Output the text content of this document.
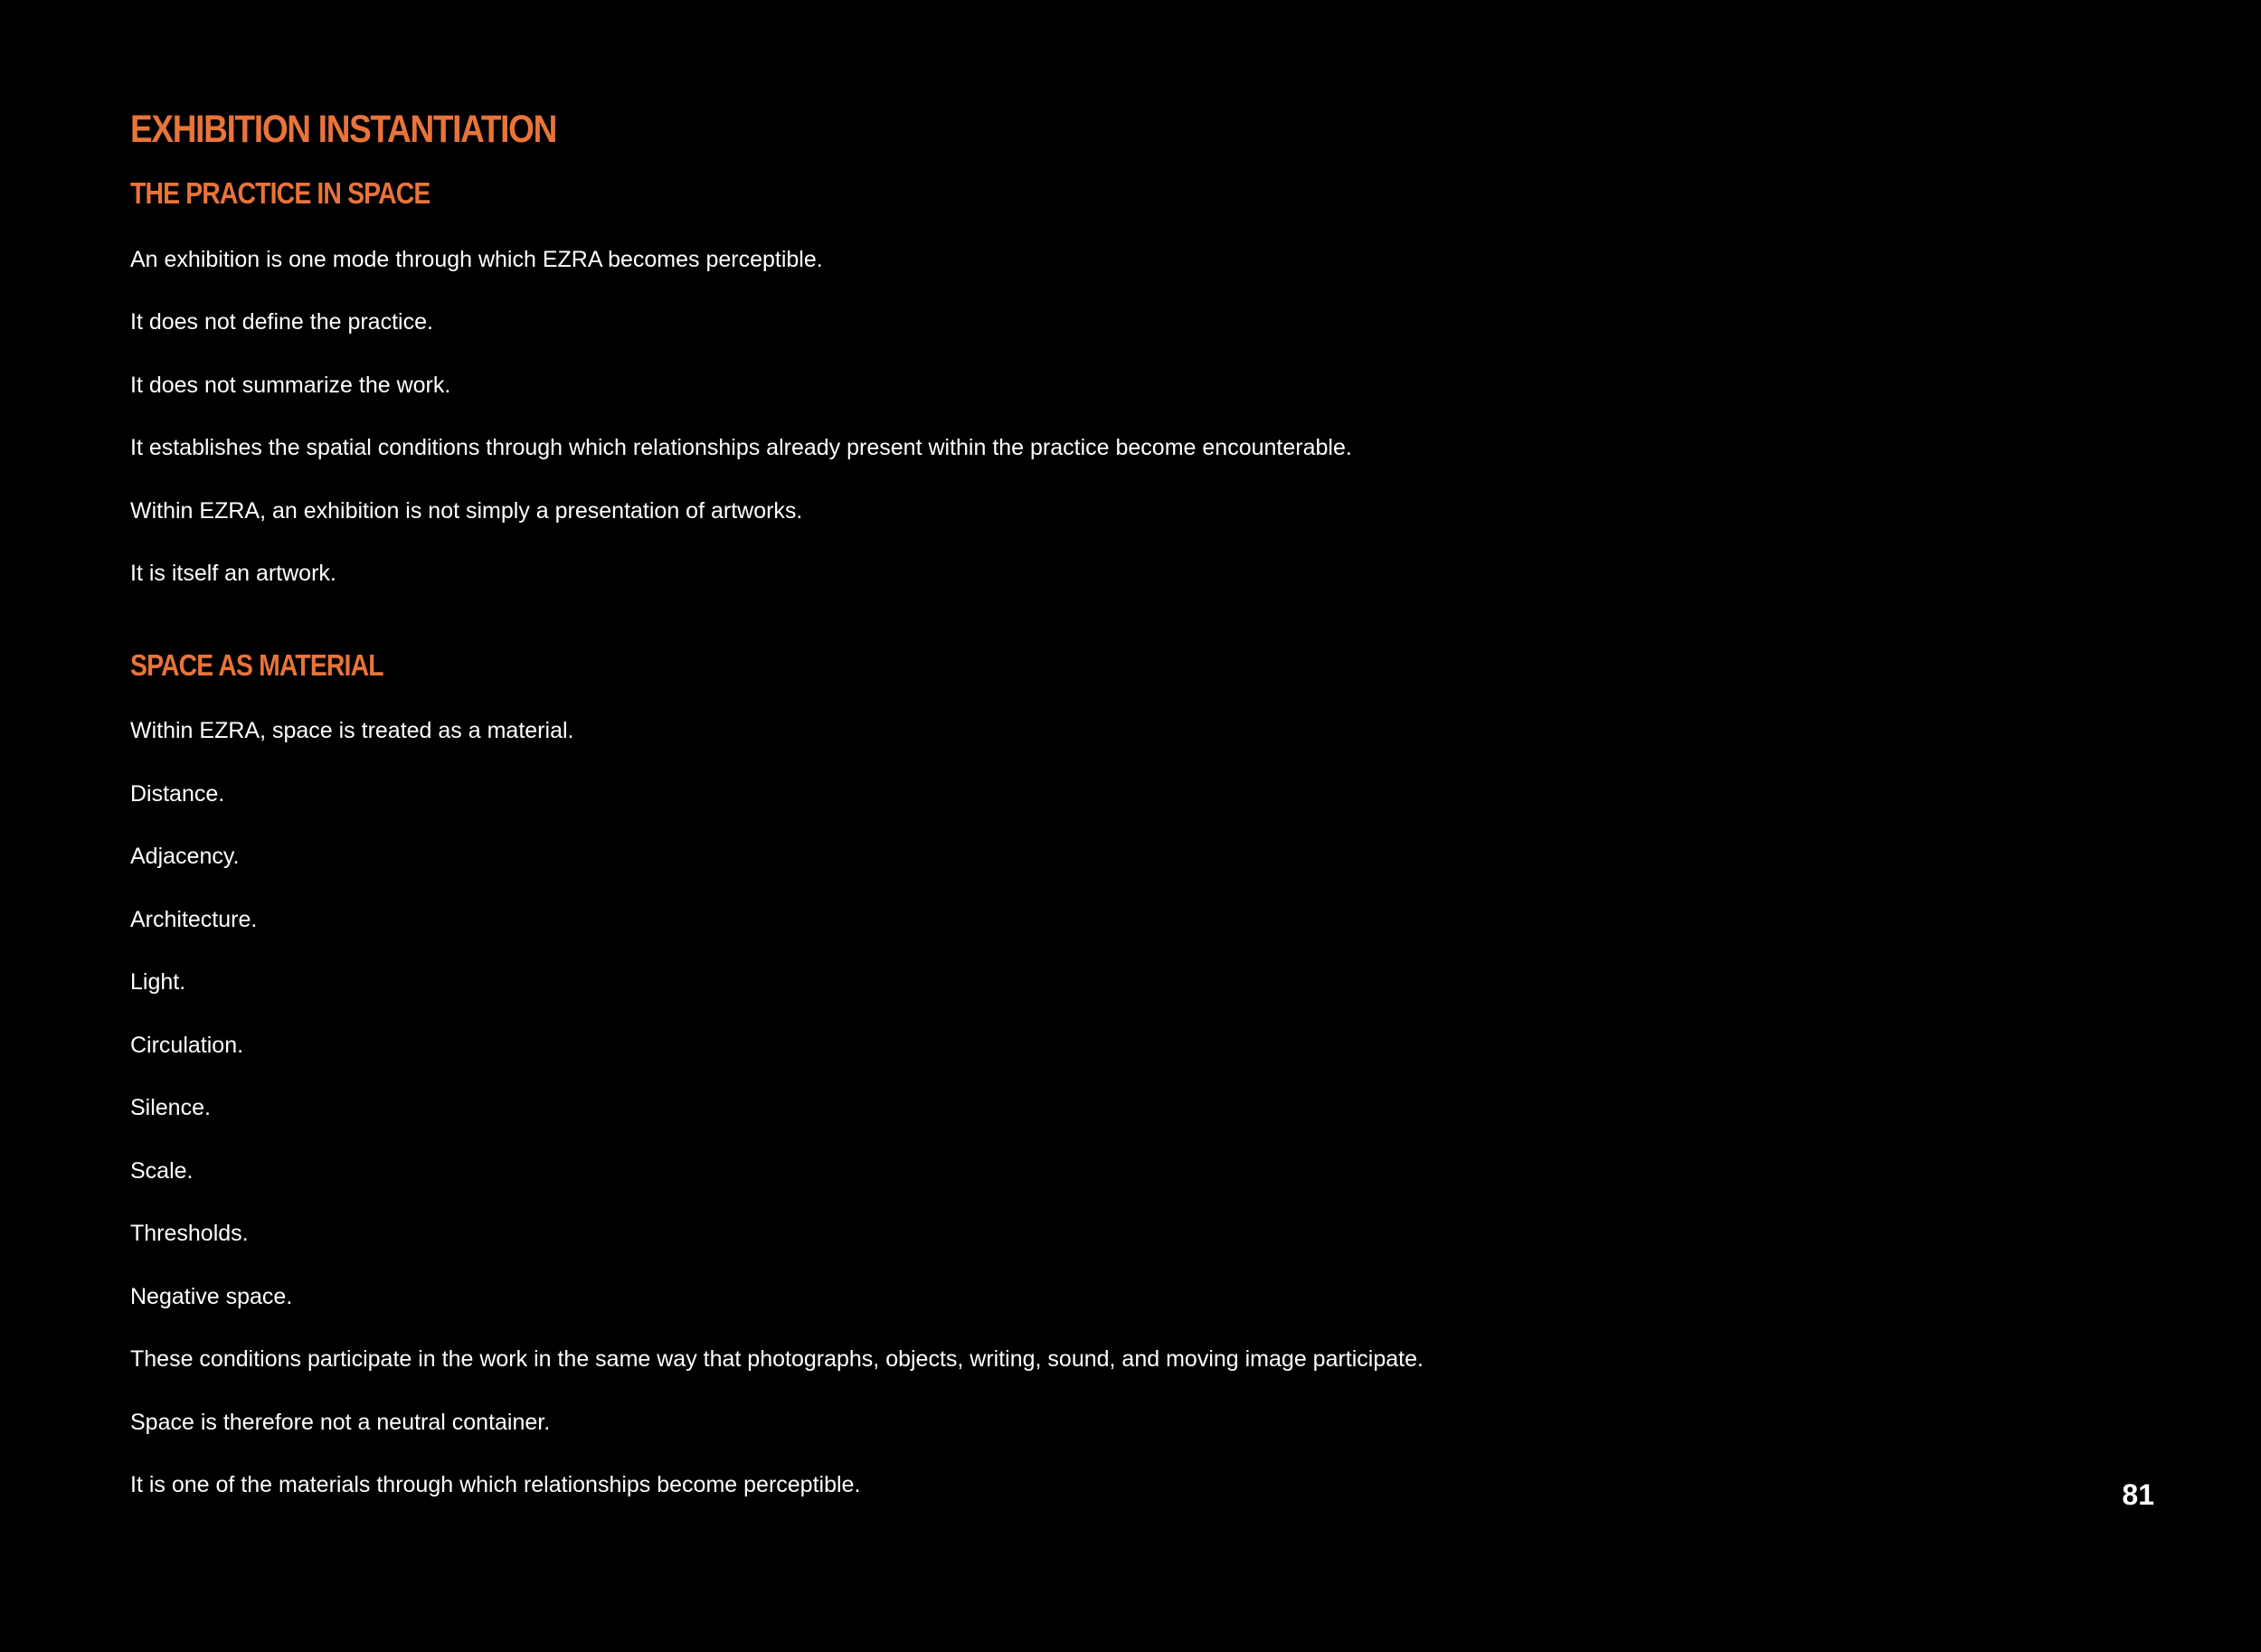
EXHIBITION INSTANTIATION
THE PRACTICE IN SPACE

An exhibition is one mode through which EZRA becomes perceptible.

It does not define the practice.

It does not summarize the work.

It establishes the spatial conditions through which relationships already present within the practice become encounterable.

Within EZRA, an exhibition is not simply a presentation of artworks.

It is itself an artwork.

SPACE AS MATERIAL

Within EZRA, space is treated as a material.

Distance.

Adjacency.

Architecture.

Light.

Circulation.

Silence.

Scale.

Thresholds.

Negative space.

These conditions participate in the work in the same way that photographs, objects, writing, sound, and moving image participate.

Space is therefore not a neutral container.

It is one of the materials through which relationships become perceptible.	81
